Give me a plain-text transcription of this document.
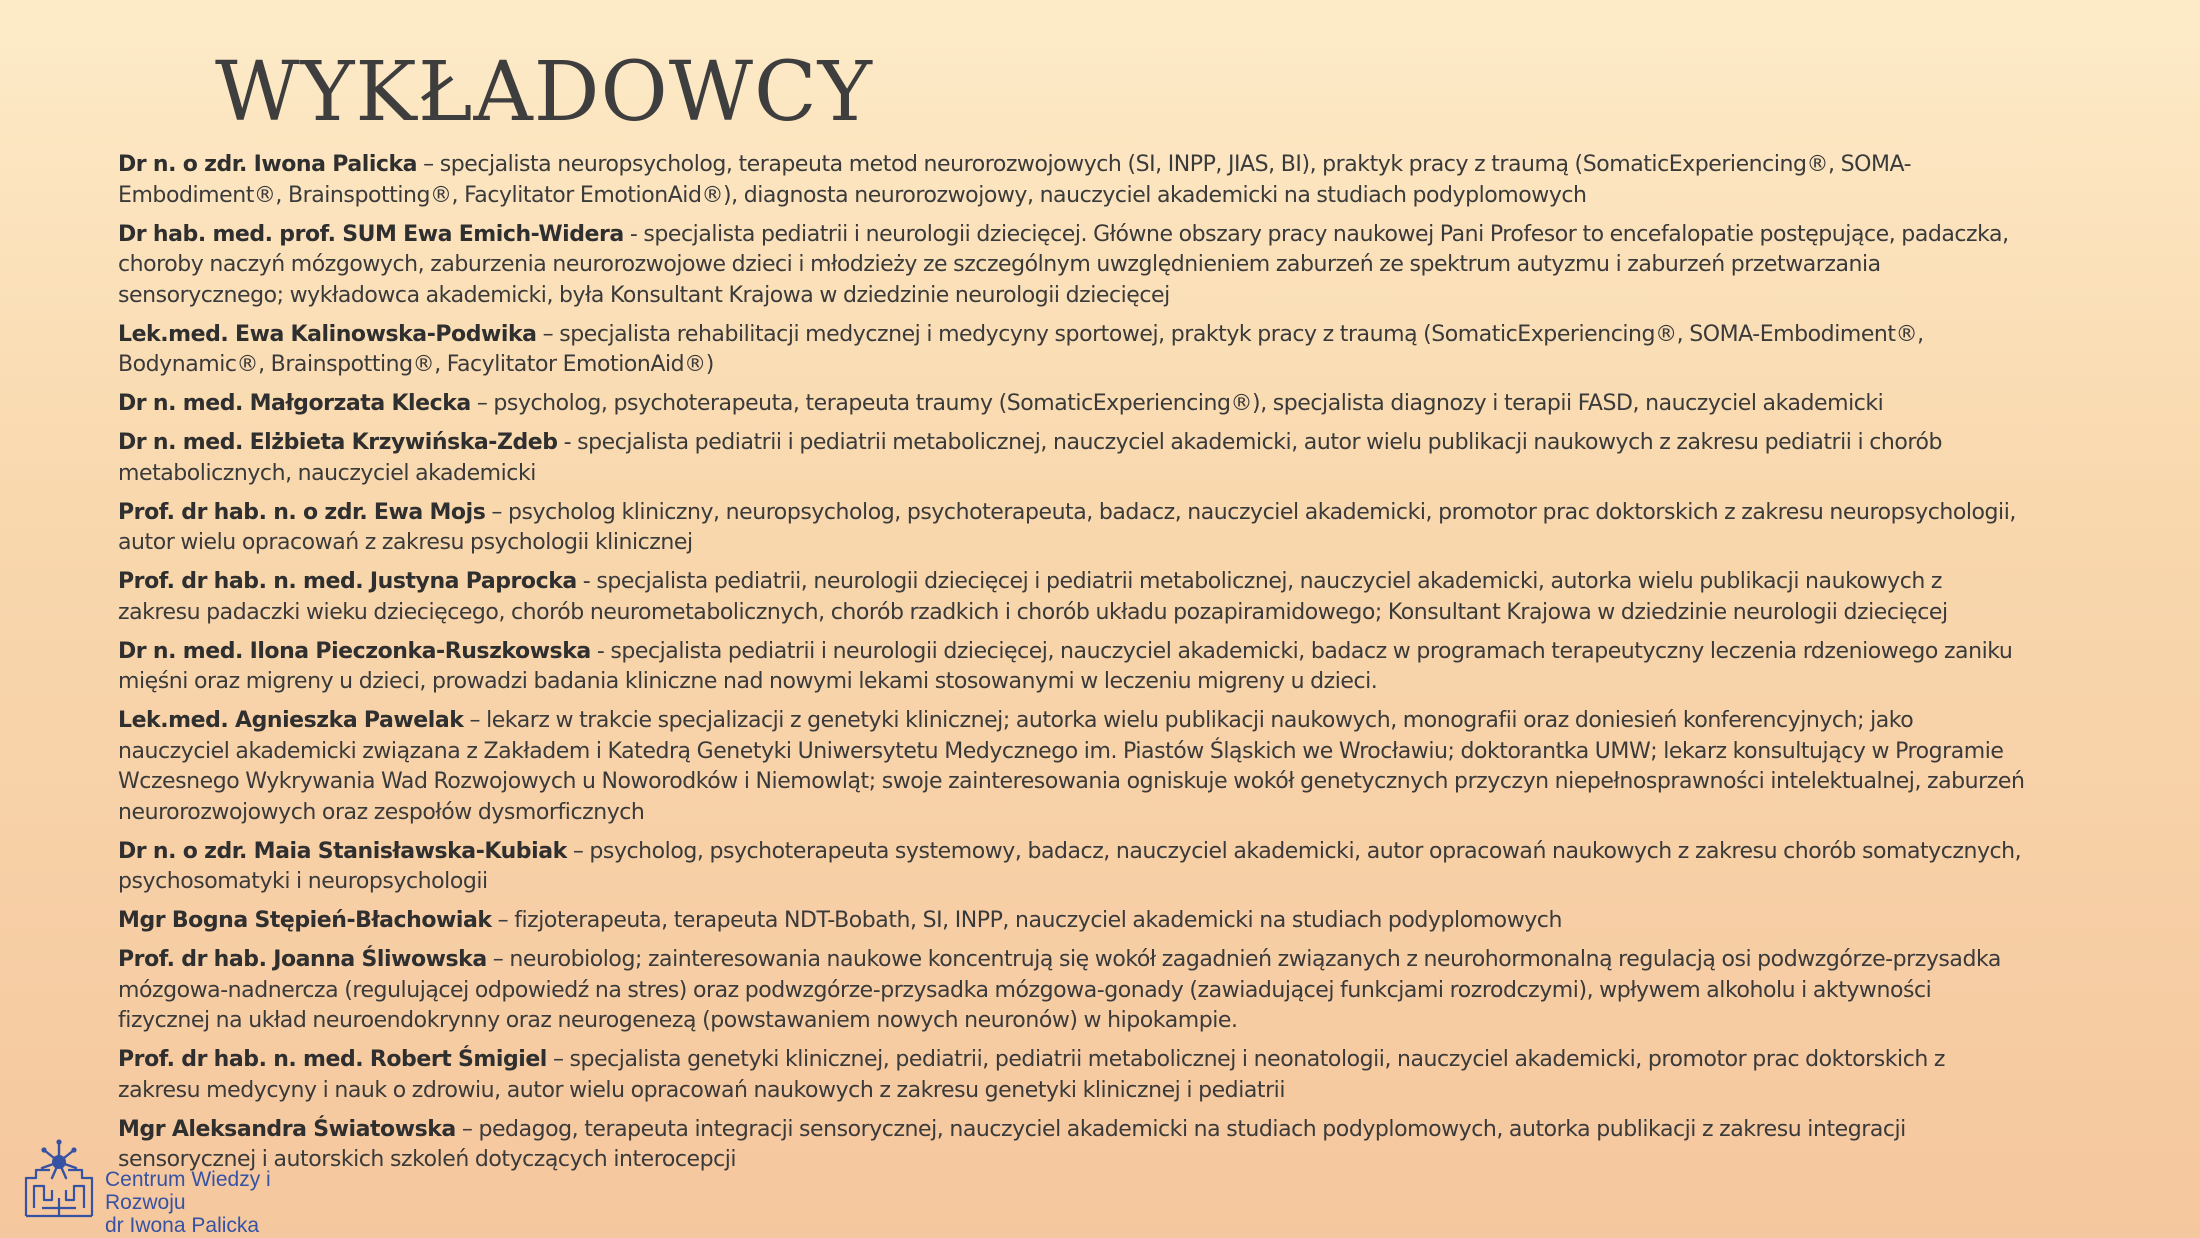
WYKŁADOWCY

Dr n. o zdr. Iwona Palicka – specjalista neuropsycholog, terapeuta metod neurorozwojowych (SI, INPP, JIAS, BI), praktyk pracy z traumą (SomaticExperiencing®, SOMA-Embodiment®, Brainspotting®, Facylitator EmotionAid®), diagnosta neurorozwojowy, nauczyciel akademicki na studiach podyplomowych

Dr hab. med. prof. SUM Ewa Emich-Widera - specjalista pediatrii i neurologii dziecięcej. Główne obszary pracy naukowej Pani Profesor to encefalopatie postępujące, padaczka, choroby naczyń mózgowych, zaburzenia neurorozwojowe dzieci i młodzieży ze szczególnym uwzględnieniem zaburzeń ze spektrum autyzmu i zaburzeń przetwarzania sensorycznego; wykładowca akademicki, była Konsultant Krajowa w dziedzinie neurologii dziecięcej

Lek.med. Ewa Kalinowska-Podwika – specjalista rehabilitacji medycznej i medycyny sportowej, praktyk pracy z traumą (SomaticExperiencing®, SOMA-Embodiment®, Bodynamic®, Brainspotting®, Facylitator EmotionAid®)

Dr n. med. Małgorzata Klecka – psycholog, psychoterapeuta, terapeuta traumy (SomaticExperiencing®), specjalista diagnozy i terapii FASD, nauczyciel akademicki

Dr n. med. Elżbieta Krzywińska-Zdeb - specjalista pediatrii i pediatrii metabolicznej, nauczyciel akademicki, autor wielu publikacji naukowych z zakresu pediatrii i chorób metabolicznych, nauczyciel akademicki

Prof. dr hab. n. o zdr. Ewa Mojs – psycholog kliniczny, neuropsycholog, psychoterapeuta, badacz, nauczyciel akademicki, promotor prac doktorskich z zakresu neuropsychologii, autor wielu opracowań z zakresu psychologii klinicznej

Prof. dr hab. n. med. Justyna Paprocka - specjalista pediatrii, neurologii dziecięcej i pediatrii metabolicznej, nauczyciel akademicki, autorka wielu publikacji naukowych z zakresu padaczki wieku dziecięcego, chorób neurometabolicznych, chorób rzadkich i chorób układu pozapiramidowego; Konsultant Krajowa w dziedzinie neurologii dziecięcej

Dr n. med. Ilona Pieczonka-Ruszkowska - specjalista pediatrii i neurologii dziecięcej, nauczyciel akademicki, badacz w programach terapeutyczny leczenia rdzeniowego zaniku mięśni oraz migreny u dzieci, prowadzi badania kliniczne nad nowymi lekami stosowanymi w leczeniu migreny u dzieci.

Lek.med. Agnieszka Pawelak – lekarz w trakcie specjalizacji z genetyki klinicznej; autorka wielu publikacji naukowych, monografii oraz doniesień konferencyjnych; jako nauczyciel akademicki związana z Zakładem i Katedrą Genetyki Uniwersytetu Medycznego im. Piastów Śląskich we Wrocławiu; doktorantka UMW; lekarz konsultujący w Programie Wczesnego Wykrywania Wad Rozwojowych u Noworodków i Niemowląt; swoje zainteresowania ogniskuje wokół genetycznych przyczyn niepełnosprawności intelektualnej, zaburzeń neurorozwojowych oraz zespołów dysmorficznych

Dr n. o zdr. Maia Stanisławska-Kubiak – psycholog, psychoterapeuta systemowy, badacz, nauczyciel akademicki, autor opracowań naukowych z zakresu chorób somatycznych, psychosomatyki i neuropsychologii

Mgr Bogna Stępień-Błachowiak – fizjoterapeuta, terapeuta NDT-Bobath, SI, INPP, nauczyciel akademicki na studiach podyplomowych

Prof. dr hab. Joanna Śliwowska – neurobiolog; zainteresowania naukowe koncentrują się wokół zagadnień związanych z neurohormonalną regulacją osi podwzgórze-przysadka mózgowa-nadnercza (regulującej odpowiedź na stres) oraz podwzgórze-przysadka mózgowa-gonady (zawiadującej funkcjami rozrodczymi), wpływem alkoholu i aktywności fizycznej na układ neuroendokrynny oraz neurogenezą (powstawaniem nowych neuronów) w hipokampie.

Prof. dr hab. n. med. Robert Śmigiel – specjalista genetyki klinicznej, pediatrii, pediatrii metabolicznej i neonatologii, nauczyciel akademicki, promotor prac doktorskich z zakresu medycyny i nauk o zdrowiu, autor wielu opracowań naukowych z zakresu genetyki klinicznej i pediatrii

Mgr Aleksandra Światowska – pedagog, terapeuta integracji sensorycznej, nauczyciel akademicki na studiach podyplomowych, autorka publikacji z zakresu integracji sensorycznej i autorskich szkoleń dotyczących interocepcji

Centrum Wiedzy i Rozwoju
dr Iwona Palicka
